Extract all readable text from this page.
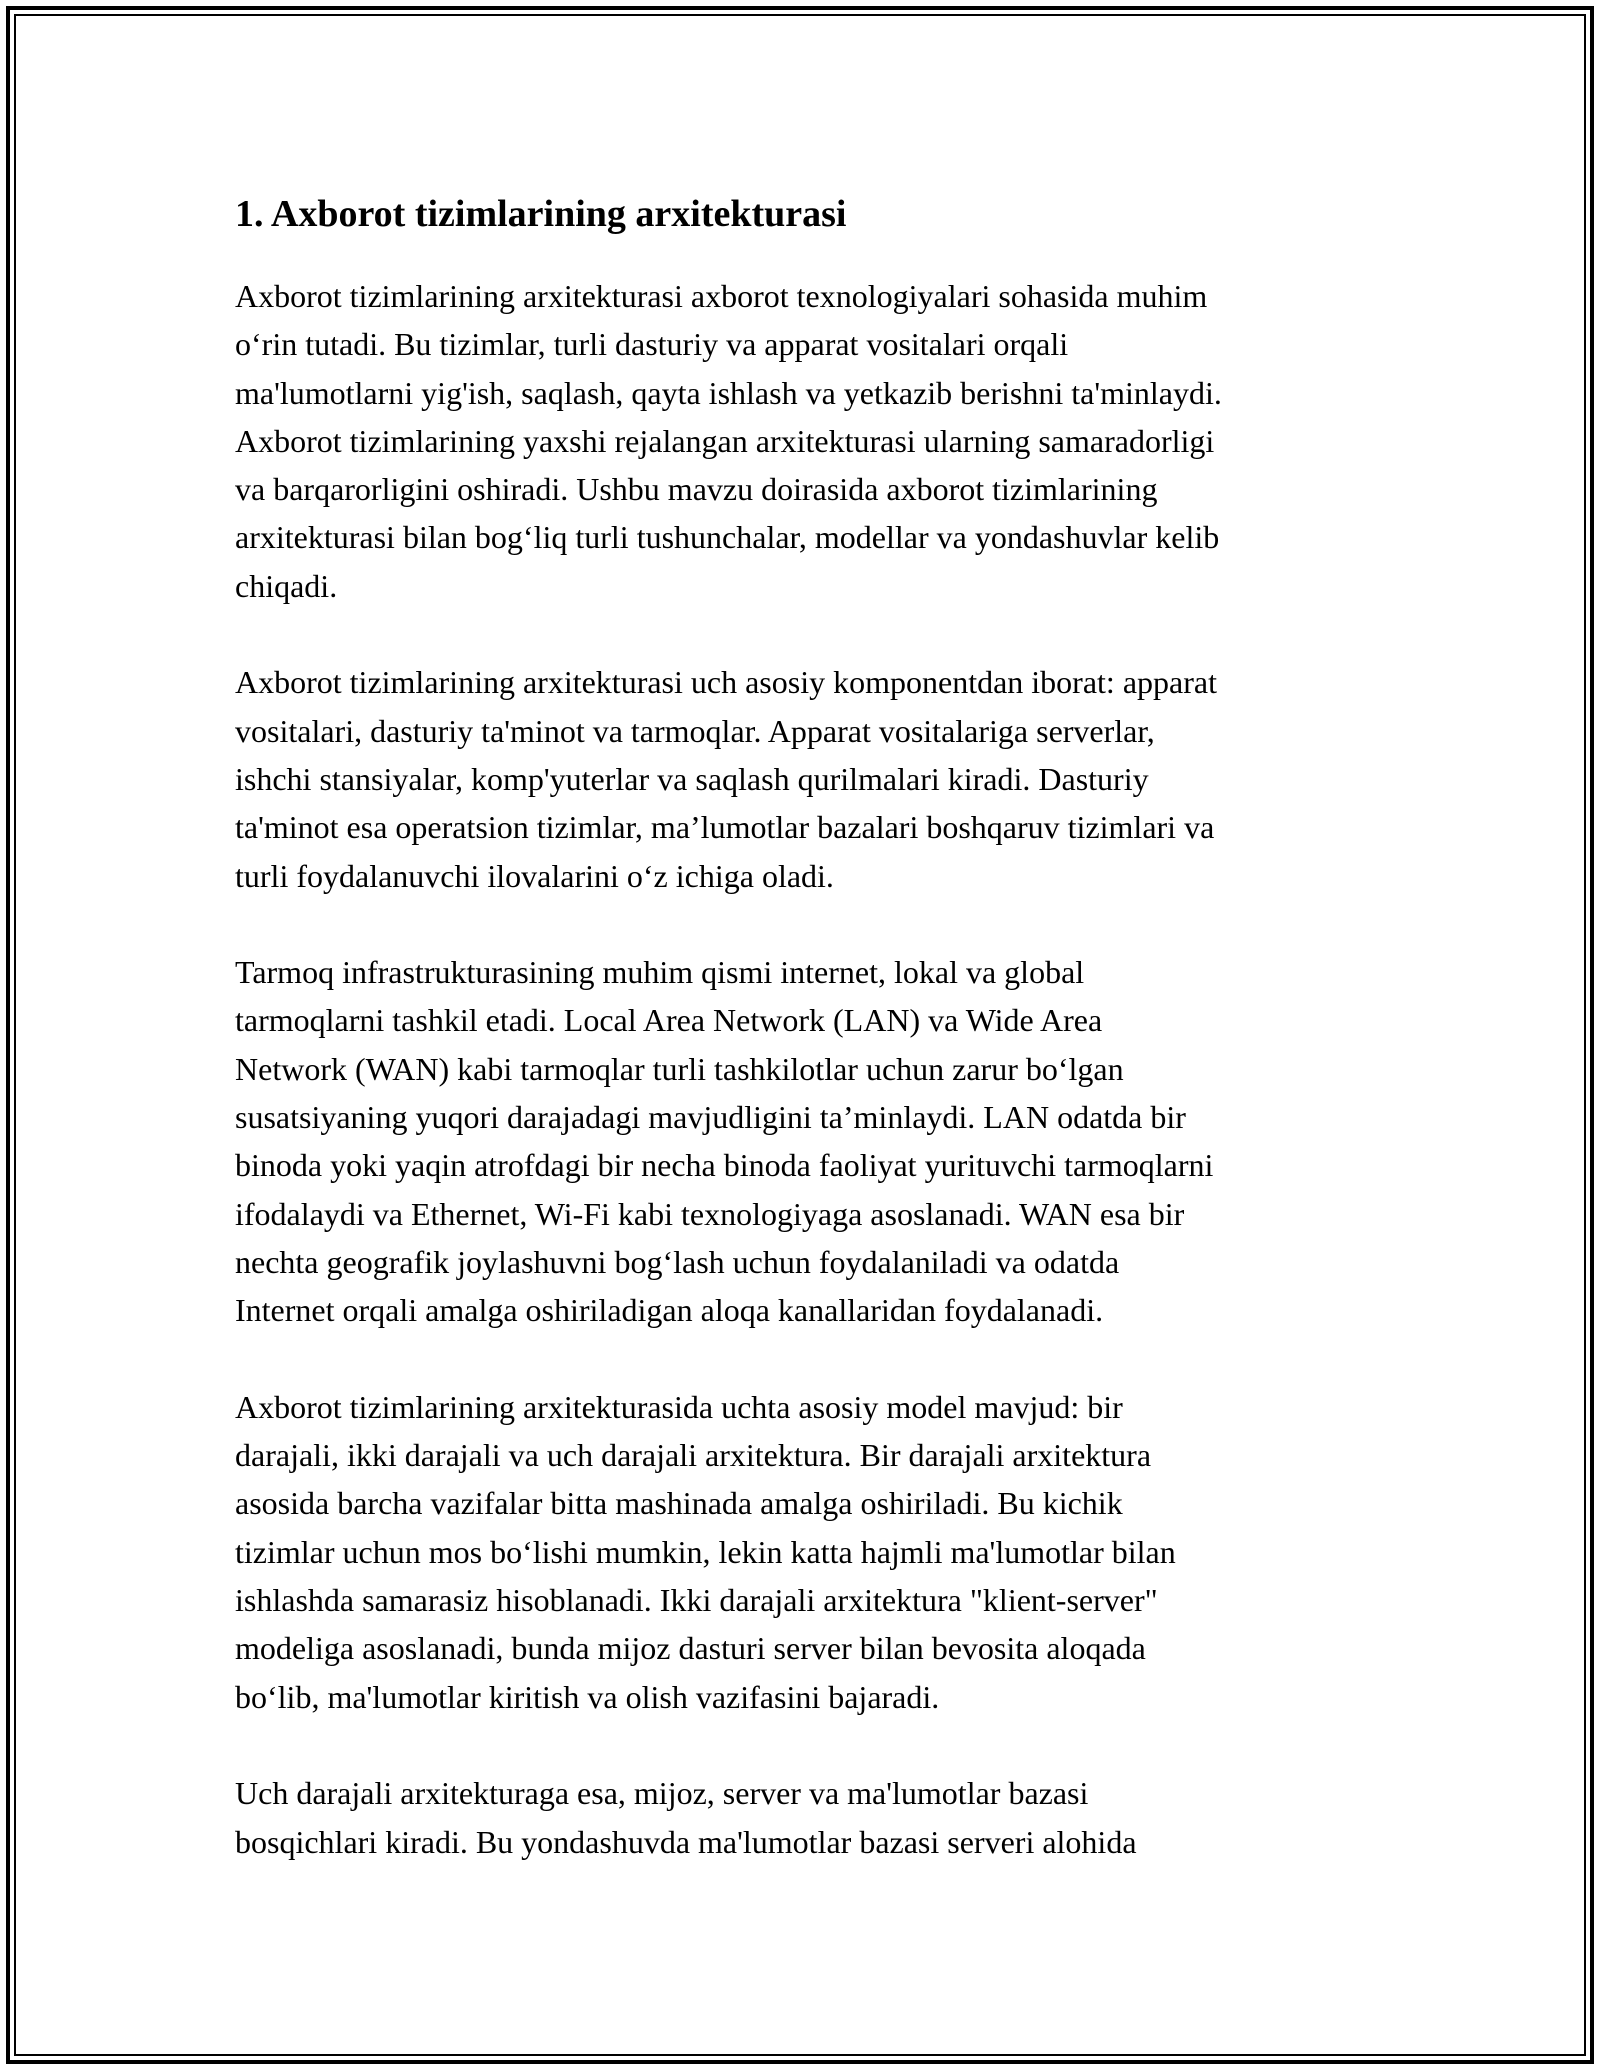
1. Axborot tizimlarining arxitekturasi
Axborot tizimlarining arxitekturasi axborot texnologiyalari sohasida muhim
o‘rin tutadi. Bu tizimlar, turli dasturiy va apparat vositalari orqali
ma'lumotlarni yig'ish, saqlash, qayta ishlash va yetkazib berishni ta'minlaydi.
Axborot tizimlarining yaxshi rejalangan arxitekturasi ularning samaradorligi
va barqarorligini oshiradi. Ushbu mavzu doirasida axborot tizimlarining
arxitekturasi bilan bog‘liq turli tushunchalar, modellar va yondashuvlar kelib
chiqadi.
Axborot tizimlarining arxitekturasi uch asosiy komponentdan iborat: apparat
vositalari, dasturiy ta'minot va tarmoqlar. Apparat vositalariga serverlar,
ishchi stansiyalar, komp'yuterlar va saqlash qurilmalari kiradi. Dasturiy
ta'minot esa operatsion tizimlar, ma’lumotlar bazalari boshqaruv tizimlari va
turli foydalanuvchi ilovalarini o‘z ichiga oladi.
Tarmoq infrastrukturasining muhim qismi internet, lokal va global
tarmoqlarni tashkil etadi. Local Area Network (LAN) va Wide Area
Network (WAN) kabi tarmoqlar turli tashkilotlar uchun zarur bo‘lgan
susatsiyaning yuqori darajadagi mavjudligini ta’minlaydi. LAN odatda bir
binoda yoki yaqin atrofdagi bir necha binoda faoliyat yurituvchi tarmoqlarni
ifodalaydi va Ethernet, Wi-Fi kabi texnologiyaga asoslanadi. WAN esa bir
nechta geografik joylashuvni bog‘lash uchun foydalaniladi va odatda
Internet orqali amalga oshiriladigan aloqa kanallaridan foydalanadi.
Axborot tizimlarining arxitekturasida uchta asosiy model mavjud: bir
darajali, ikki darajali va uch darajali arxitektura. Bir darajali arxitektura
asosida barcha vazifalar bitta mashinada amalga oshiriladi. Bu kichik
tizimlar uchun mos bo‘lishi mumkin, lekin katta hajmli ma'lumotlar bilan
ishlashda samarasiz hisoblanadi. Ikki darajali arxitektura "klient-server"
modeliga asoslanadi, bunda mijoz dasturi server bilan bevosita aloqada
bo‘lib, ma'lumotlar kiritish va olish vazifasini bajaradi.
Uch darajali arxitekturaga esa, mijoz, server va ma'lumotlar bazasi
bosqichlari kiradi. Bu yondashuvda ma'lumotlar bazasi serveri alohida
